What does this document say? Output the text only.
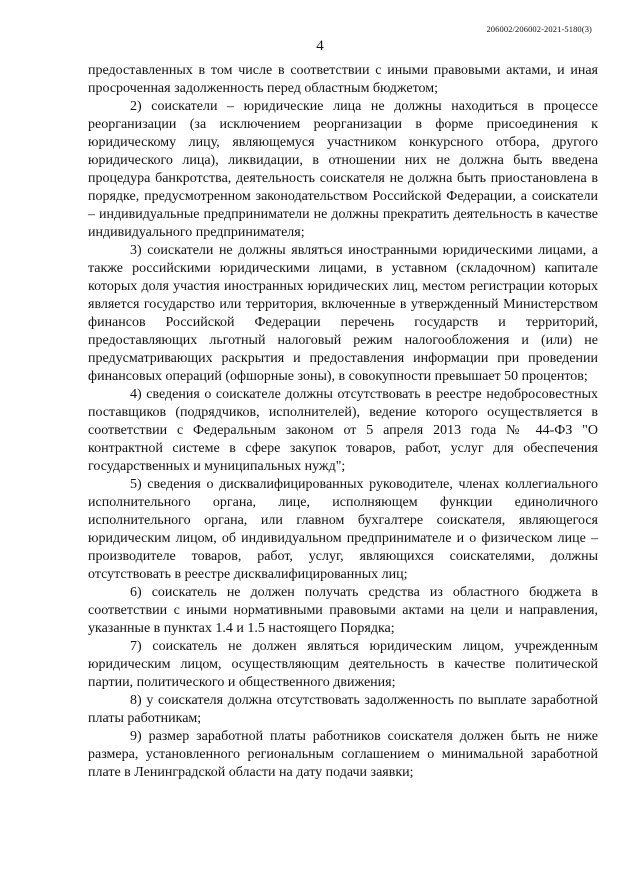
206002/206002-2021-5180(3)
4

предоставленных в том числе в соответствии с иными правовыми актами, и иная просроченная задолженность перед областным бюджетом;

2) соискатели – юридические лица не должны находиться в процессе реорганизации (за исключением реорганизации в форме присоединения к юридическому лицу, являющемуся участником конкурсного отбора, другого юридического лица), ликвидации, в отношении них не должна быть введена процедура банкротства, деятельность соискателя не должна быть приостановлена в порядке, предусмотренном законодательством Российской Федерации, а соискатели – индивидуальные предприниматели не должны прекратить деятельность в качестве индивидуального предпринимателя;

3) соискатели не должны являться иностранными юридическими лицами, а также российскими юридическими лицами, в уставном (складочном) капитале которых доля участия иностранных юридических лиц, местом регистрации которых является государство или территория, включенные в утвержденный Министерством финансов Российской Федерации перечень государств и территорий, предоставляющих льготный налоговый режим налогообложения и (или) не предусматривающих раскрытия и предоставления информации при проведении финансовых операций (офшорные зоны), в совокупности превышает 50 процентов;

4) сведения о соискателе должны отсутствовать в реестре недобросовестных поставщиков (подрядчиков, исполнителей), ведение которого осуществляется в соответствии с Федеральным законом от 5 апреля 2013 года № 44-ФЗ "О контрактной системе в сфере закупок товаров, работ, услуг для обеспечения государственных и муниципальных нужд";

5) сведения о дисквалифицированных руководителе, членах коллегиального исполнительного органа, лице, исполняющем функции единоличного исполнительного органа, или главном бухгалтере соискателя, являющегося юридическим лицом, об индивидуальном предпринимателе и о физическом лице – производителе товаров, работ, услуг, являющихся соискателями, должны отсутствовать в реестре дисквалифицированных лиц;

6) соискатель не должен получать средства из областного бюджета в соответствии с иными нормативными правовыми актами на цели и направления, указанные в пунктах 1.4 и 1.5 настоящего Порядка;

7) соискатель не должен являться юридическим лицом, учрежденным юридическим лицом, осуществляющим деятельность в качестве политической партии, политического и общественного движения;

8) у соискателя должна отсутствовать задолженность по выплате заработной платы работникам;

9) размер заработной платы работников соискателя должен быть не ниже размера, установленного региональным соглашением о минимальной заработной плате в Ленинградской области на дату подачи заявки;
